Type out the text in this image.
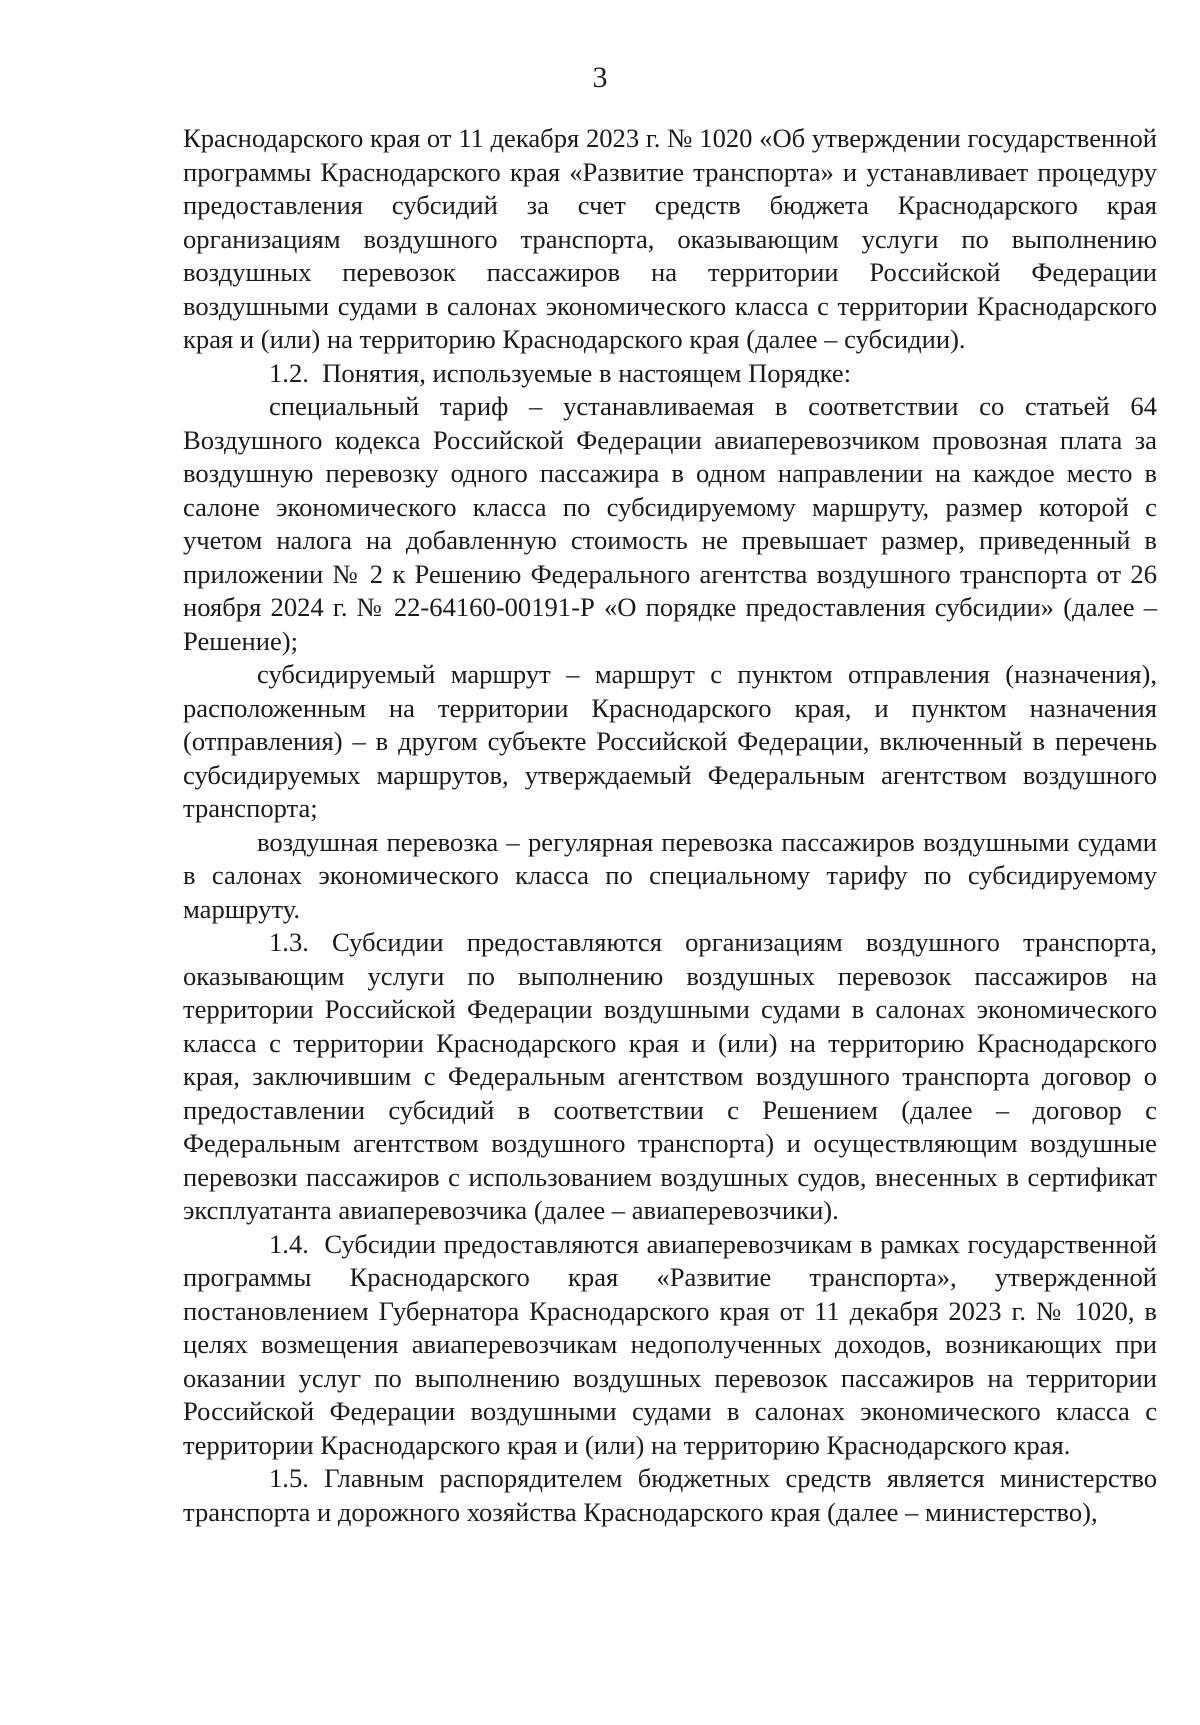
3

Краснодарского края от 11 декабря 2023 г. № 1020 «Об утверждении государственной программы Краснодарского края «Развитие транспорта» и устанавливает процедуру предоставления субсидий за счет средств бюджета Краснодарского края организациям воздушного транспорта, оказывающим услуги по выполнению воздушных перевозок пассажиров на территории Российской Федерации воздушными судами в салонах экономического класса с территории Краснодарского края и (или) на территорию Краснодарского края (далее – субсидии).

1.2.  Понятия, используемые в настоящем Порядке:

специальный тариф – устанавливаемая в соответствии со статьей 64 Воздушного кодекса Российской Федерации авиаперевозчиком провозная плата за воздушную перевозку одного пассажира в одном направлении на каждое место в салоне экономического класса по субсидируемому маршруту, размер которой с учетом налога на добавленную стоимость не превышает размер, приведенный в приложении № 2 к Решению Федерального агентства воздушного транспорта от 26 ноября 2024 г. № 22-64160-00191-Р «О порядке предоставления субсидии» (далее – Решение);

субсидируемый маршрут – маршрут с пунктом отправления (назначения), расположенным на территории Краснодарского края, и пунктом назначения (отправления) – в другом субъекте Российской Федерации, включенный в перечень субсидируемых маршрутов, утверждаемый Федеральным агентством воздушного транспорта;

воздушная перевозка – регулярная перевозка пассажиров воздушными судами в салонах экономического класса по специальному тарифу по субсидируемому маршруту.

1.3. Субсидии предоставляются организациям воздушного транспорта, оказывающим услуги по выполнению воздушных перевозок пассажиров на территории Российской Федерации воздушными судами в салонах экономического класса с территории Краснодарского края и (или) на территорию Краснодарского края, заключившим с Федеральным агентством воздушного транспорта договор о предоставлении субсидий в соответствии с Решением (далее – договор с Федеральным агентством воздушного транспорта) и осуществляющим воздушные перевозки пассажиров с использованием воздушных судов, внесенных в сертификат эксплуатанта авиаперевозчика (далее – авиаперевозчики).

1.4.  Субсидии предоставляются авиаперевозчикам в рамках государственной программы Краснодарского края «Развитие транспорта», утвержденной постановлением Губернатора Краснодарского края от 11 декабря 2023 г. № 1020, в целях возмещения авиаперевозчикам недополученных доходов, возникающих при оказании услуг по выполнению воздушных перевозок пассажиров на территории Российской Федерации воздушными судами в салонах экономического класса с территории Краснодарского края и (или) на территорию Краснодарского края.

1.5. Главным распорядителем бюджетных средств является министерство транспорта и дорожного хозяйства Краснодарского края (далее – министерство),
